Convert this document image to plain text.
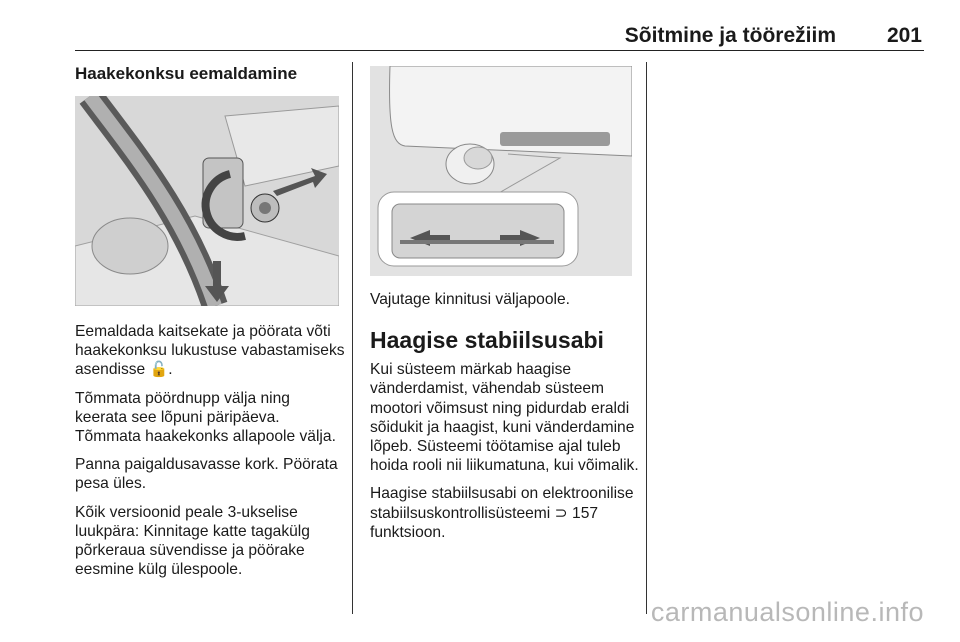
Sõitmine ja töörežiim 201
Haakekonksu eemaldamine

Eemaldada kaitsekate ja pöörata võti haakekonksu lukustuse vabastamiseks asendisse 🔓.

Tõmmata pöördnupp välja ning keerata see lõpuni päripäeva. Tõmmata haakekonks allapoole välja.

Panna paigaldusavasse kork. Pöörata pesa üles.

Kõik versioonid peale 3-ukselise luukpära: Kinnitage katte tagakülg põrkeraua süvendisse ja pöörake eesmine külg ülespoole.

Vajutage kinnitusi väljapoole.

Haagise stabiilsusabi

Kui süsteem märkab haagise vänderdamist, vähendab süsteem mootori võimsust ning pidurdab eraldi sõidukit ja haagist, kuni vänderdamine lõpeb. Süsteemi töötamise ajal tuleb hoida rooli nii liikumatuna, kui võimalik.

Haagise stabiilsusabi on elektroonilise stabiilsuskontrollisüsteemi ⊃ 157
funktsioon.

carmanualsonline.info
